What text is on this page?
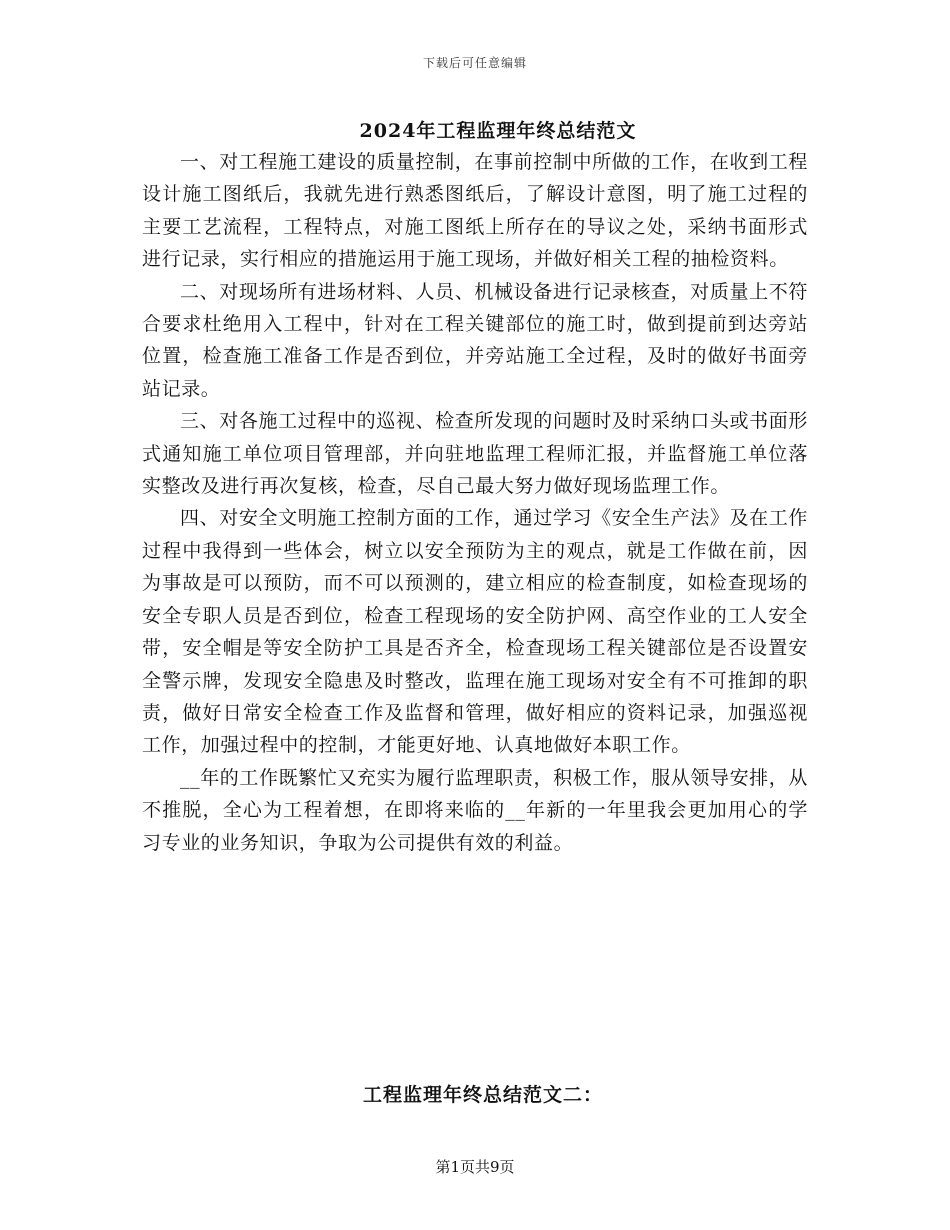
下载后可任意编辑
2024年工程监理年终总结范文

一、对工程施工建设的质量控制，在事前控制中所做的工作，在收到工程设计施工图纸后，我就先进行熟悉图纸后，了解设计意图，明了施工过程的主要工艺流程，工程特点，对施工图纸上所存在的导议之处，采纳书面形式进行记录，实行相应的措施运用于施工现场，并做好相关工程的抽检资料。

二、对现场所有进场材料、人员、机械设备进行记录核查，对质量上不符合要求杜绝用入工程中，针对在工程关键部位的施工时，做到提前到达旁站位置，检查施工准备工作是否到位，并旁站施工全过程，及时的做好书面旁站记录。

三、对各施工过程中的巡视、检查所发现的问题时及时采纳口头或书面形式通知施工单位项目管理部，并向驻地监理工程师汇报，并监督施工单位落实整改及进行再次复核，检查，尽自己最大努力做好现场监理工作。

四、对安全文明施工控制方面的工作，通过学习《安全生产法》及在工作过程中我得到一些体会，树立以安全预防为主的观点，就是工作做在前，因为事故是可以预防，而不可以预测的，建立相应的检查制度，如检查现场的安全专职人员是否到位，检查工程现场的安全防护网、高空作业的工人安全带，安全帽是等安全防护工具是否齐全，检查现场工程关键部位是否设置安全警示牌，发现安全隐患及时整改，监理在施工现场对安全有不可推卸的职责，做好日常安全检查工作及监督和管理，做好相应的资料记录，加强巡视工作，加强过程中的控制，才能更好地、认真地做好本职工作。

__年的工作既繁忙又充实为履行监理职责，积极工作，服从领导安排，从不推脱，全心为工程着想，在即将来临的__年新的一年里我会更加用心的学习专业的业务知识，争取为公司提供有效的利益。

工程监理年终总结范文二：
第1页共9页
